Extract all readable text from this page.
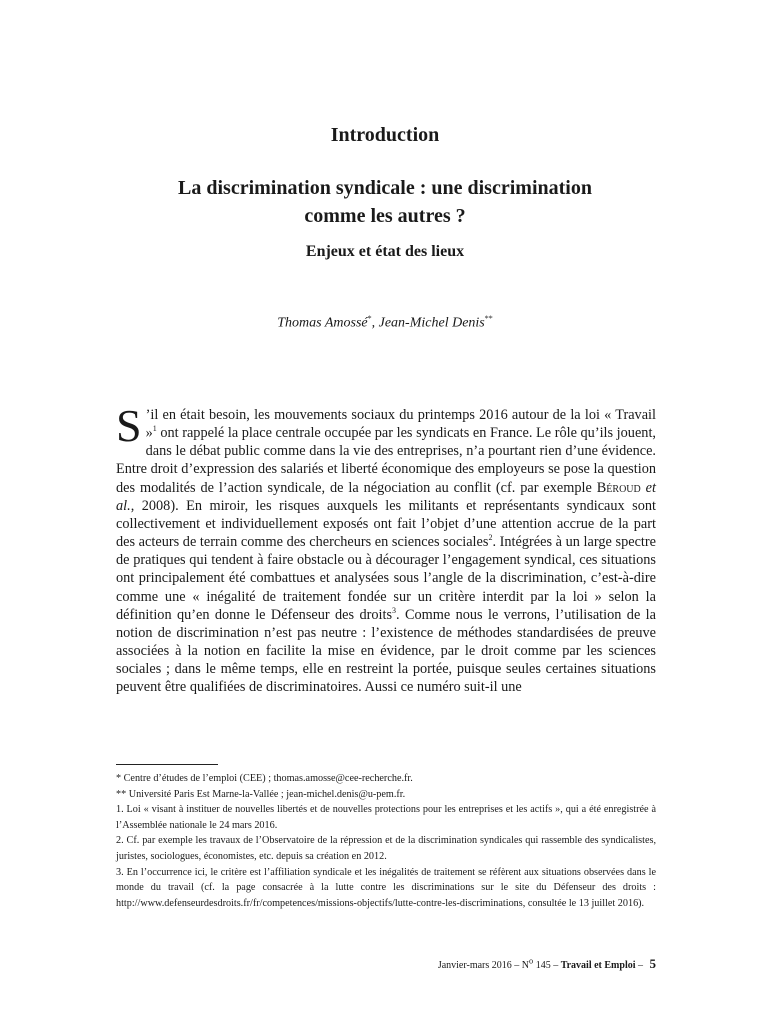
Introduction
La discrimination syndicale : une discrimination
comme les autres ?
Enjeux et état des lieux
Thomas Amossé*, Jean-Michel Denis**

S ’il en était besoin, les mouvements sociaux du printemps 2016 autour de la loi « Travail »$^1$ ont rappelé la place centrale occupée par les syndicats en France. Le rôle qu’ils jouent, dans le débat public comme dans la vie des entreprises, n’a pourtant rien d’une évidence. Entre droit d’expression des salariés et liberté économique des employeurs se pose la question des modalités de l’action syndicale, de la négociation au conflit (cf. par exemple Béroud et al., 2008). En miroir, les risques auxquels les militants et représentants syndicaux sont collectivement et individuellement exposés ont fait l’objet d’une attention accrue de la part des acteurs de terrain comme des chercheurs en sciences sociales$^2$. Intégrées à un large spectre de pratiques qui tendent à faire obstacle ou à décourager l’engagement syndical, ces situations ont principalement été combattues et analysées sous l’angle de la discrimination, c’est-à-dire comme une « inégalité de traitement fondée sur un critère interdit par la loi » selon la définition qu’en donne le Défenseur des droits$^3$. Comme nous le verrons, l’utilisation de la notion de discrimination n’est pas neutre : l’existence de méthodes standardisées de preuve associées à la notion en facilite la mise en évidence, par le droit comme par les sciences sociales ; dans le même temps, elle en restreint la portée, puisque seules certaines situations peuvent être qualifiées de discriminatoires. Aussi ce numéro suit-il une

* Centre d’études de l’emploi (CEE) ; thomas.amosse@cee-recherche.fr.

** Université Paris Est Marne-la-Vallée ; jean-michel.denis@u-pem.fr.

1. Loi « visant à instituer de nouvelles libertés et de nouvelles protections pour les entreprises et les actifs », qui a été enregistrée à l’Assemblée nationale le 24 mars 2016.

2. Cf. par exemple les travaux de l’Observatoire de la répression et de la discrimination syndicales qui rassemble des syndicalistes, juristes, sociologues, économistes, etc. depuis sa création en 2012.

3. En l’occurrence ici, le critère est l’affiliation syndicale et les inégalités de traitement se réfèrent aux situations observées dans le monde du travail (cf. la page consacrée à la lutte contre les discriminations sur le site du Défenseur des droits : http://www.defenseurdesdroits.fr/fr/competences/missions-objectifs/lutte-contre-les-discriminations, consultée le 13 juillet 2016).

Janvier-mars $2016 - N^o$ 145 – Travail et Emploi – 5
